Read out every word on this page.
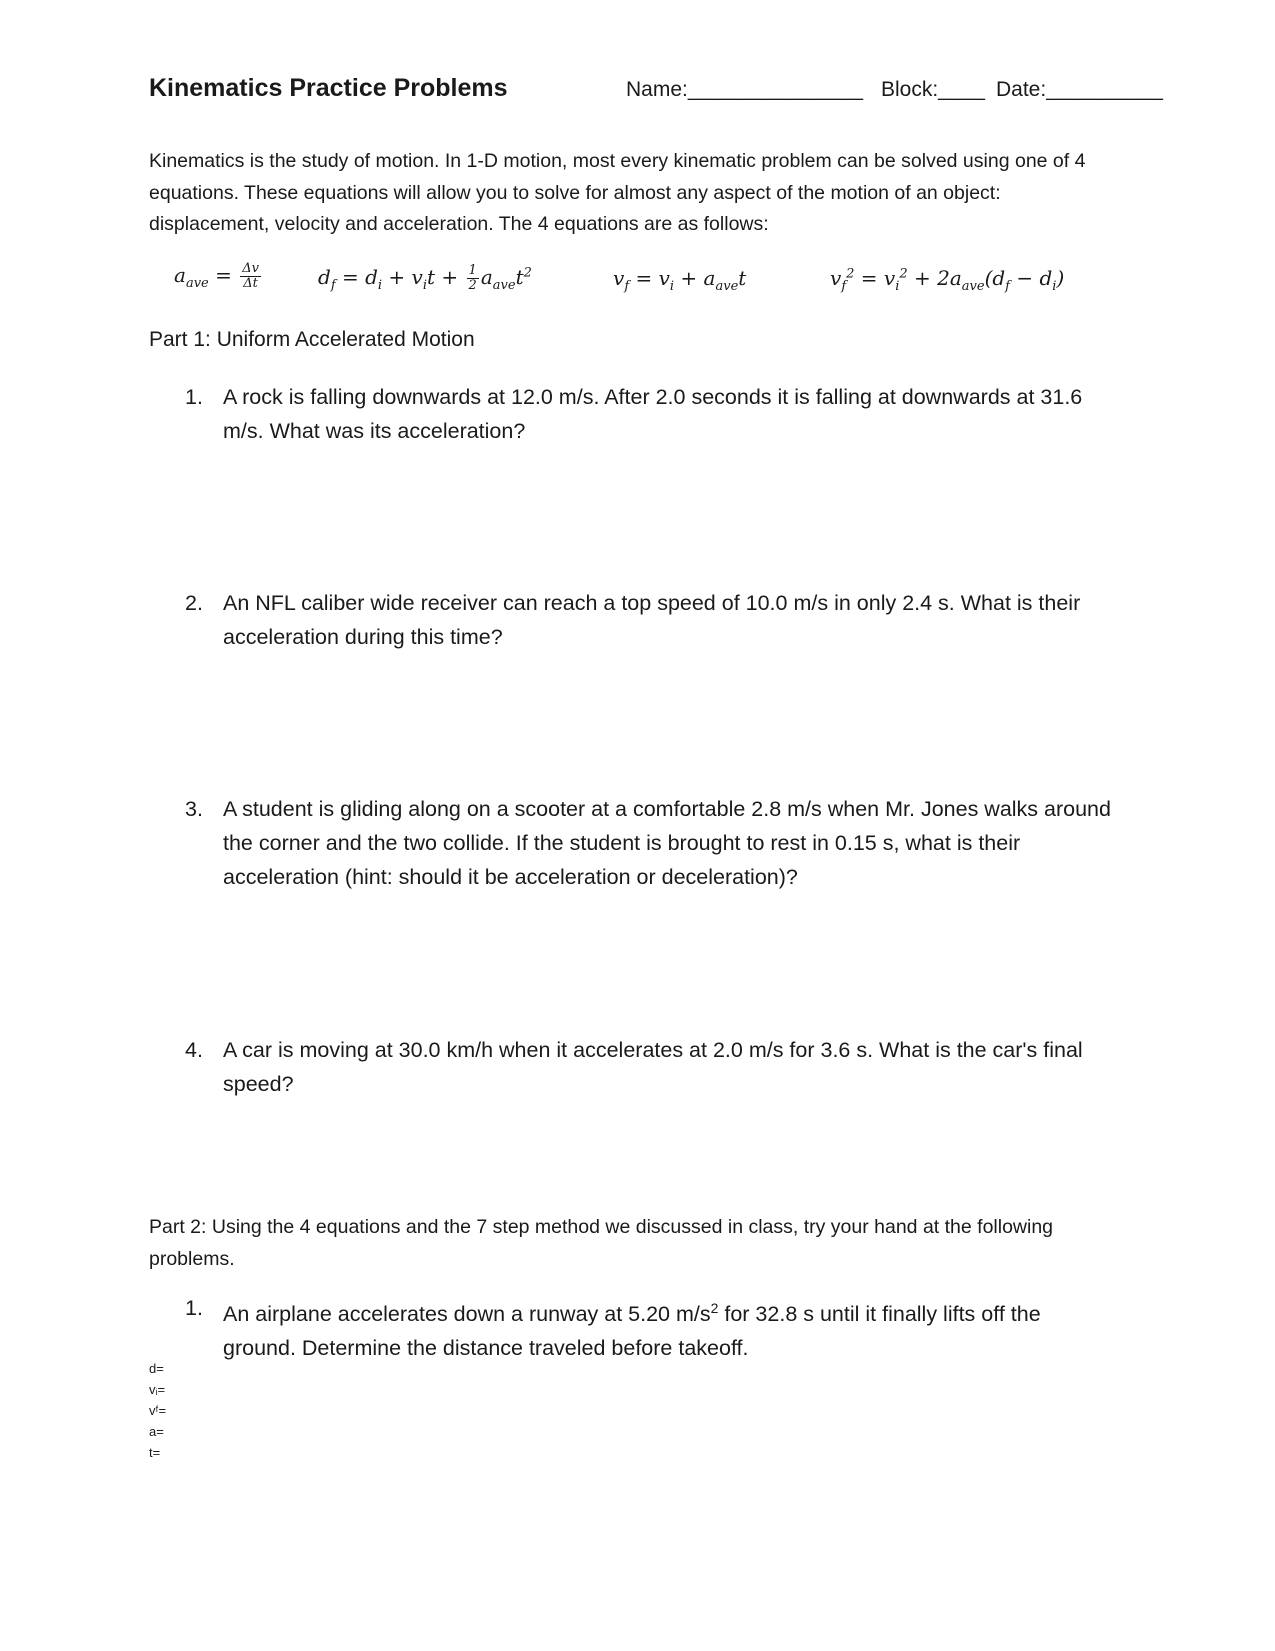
Kinematics Practice Problems	Name:_______________ Block:____ Date:__________
Kinematics is the study of motion. In 1-D motion, most every kinematic problem can be solved using one of 4 equations. These equations will allow you to solve for almost any aspect of the motion of an object: displacement, velocity and acceleration. The 4 equations are as follows:
$a_{ave} = \frac{\Delta v}{\Delta t}$	$d_f = d_i + v_it + \frac{1}{2} a_{ave}t^2$	$v_f = v_i + a_{ave}t$	$v_f^2 = v_i^2 + 2a_{ave}(d_f - d_i)$
Part 1: Uniform Accelerated Motion
1. A rock is falling downwards at 12.0 m/s. After 2.0 seconds it is falling at downwards at 31.6 m/s. What was its acceleration?
2. An NFL caliber wide receiver can reach a top speed of 10.0 m/s in only 2.4 s. What is their acceleration during this time?
3. A student is gliding along on a scooter at a comfortable 2.8 m/s when Mr. Jones walks around the corner and the two collide. If the student is brought to rest in 0.15 s, what is their acceleration (hint: should it be acceleration or deceleration)?
4. A car is moving at 30.0 km/h when it accelerates at 2.0 m/s for 3.6 s. What is the car's final speed?
Part 2: Using the 4 equations and the 7 step method we discussed in class, try your hand at the following problems.
1. An airplane accelerates down a runway at 5.20 $m/s^2$ for 32.8 s until it finally lifts off the ground. Determine the distance traveled before takeoff.
d=
vᵢ=
vᶠ=
a=
t=
